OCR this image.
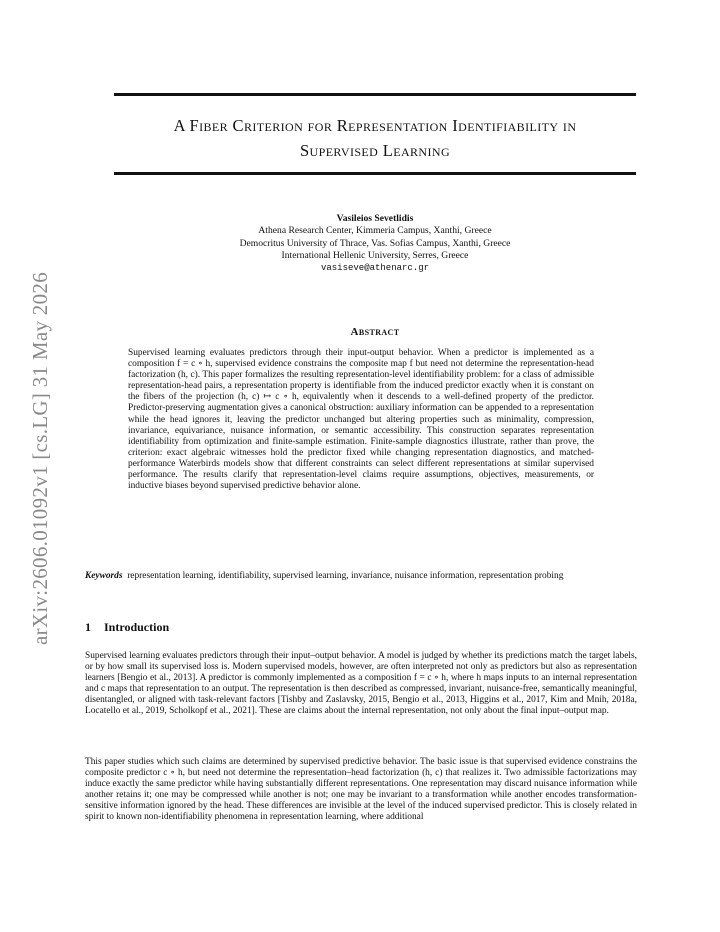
arXiv:2606.01092v1 [cs.LG] 31 May 2026
A Fiber Criterion for Representation Identifiability in
Supervised Learning
Vasileios Sevetlidis
Athena Research Center, Kimmeria Campus, Xanthi, Greece
Democritus University of Thrace, Vas. Sofias Campus, Xanthi, Greece
International Hellenic University, Serres, Greece
vasiseve@athenarc.gr
Abstract
Supervised learning evaluates predictors through their input-output behavior. When a predictor is implemented as a composition f = c ∘ h, supervised evidence constrains the composite map f but need not determine the representation-head factorization (h, c). This paper formalizes the resulting representation-level identifiability problem: for a class of admissible representation-head pairs, a representation property is identifiable from the induced predictor exactly when it is constant on the fibers of the projection (h, c) ↦ c ∘ h, equivalently when it descends to a well-defined property of the predictor. Predictor-preserving augmentation gives a canonical obstruction: auxiliary information can be appended to a representation while the head ignores it, leaving the predictor unchanged but altering properties such as minimality, compression, invariance, equivariance, nuisance information, or semantic accessibility. This construction separates representation identifiability from optimization and finite-sample estimation. Finite-sample diagnostics illustrate, rather than prove, the criterion: exact algebraic witnesses hold the predictor fixed while changing representation diagnostics, and matched-performance Waterbirds models show that different constraints can select different representations at similar supervised performance. The results clarify that representation-level claims require assumptions, objectives, measurements, or inductive biases beyond supervised predictive behavior alone.
Keywords representation learning, identifiability, supervised learning, invariance, nuisance information, representation probing
1 Introduction
Supervised learning evaluates predictors through their input–output behavior. A model is judged by whether its predictions match the target labels, or by how small its supervised loss is. Modern supervised models, however, are often interpreted not only as predictors but also as representation learners [Bengio et al., 2013]. A predictor is commonly implemented as a composition f = c ∘ h, where h maps inputs to an internal representation and c maps that representation to an output. The representation is then described as compressed, invariant, nuisance-free, semantically meaningful, disentangled, or aligned with task-relevant factors [Tishby and Zaslavsky, 2015, Bengio et al., 2013, Higgins et al., 2017, Kim and Mnih, 2018a, Locatello et al., 2019, Scholkopf et al., 2021]. These are claims about the internal representation, not only about the final input–output map.
This paper studies which such claims are determined by supervised predictive behavior. The basic issue is that supervised evidence constrains the composite predictor c ∘ h, but need not determine the representation–head factorization (h, c) that realizes it. Two admissible factorizations may induce exactly the same predictor while having substantially different representations. One representation may discard nuisance information while another retains it; one may be compressed while another is not; one may be invariant to a transformation while another encodes transformation-sensitive information ignored by the head. These differences are invisible at the level of the induced supervised predictor. This is closely related in spirit to known non-identifiability phenomena in representation learning, where additional
